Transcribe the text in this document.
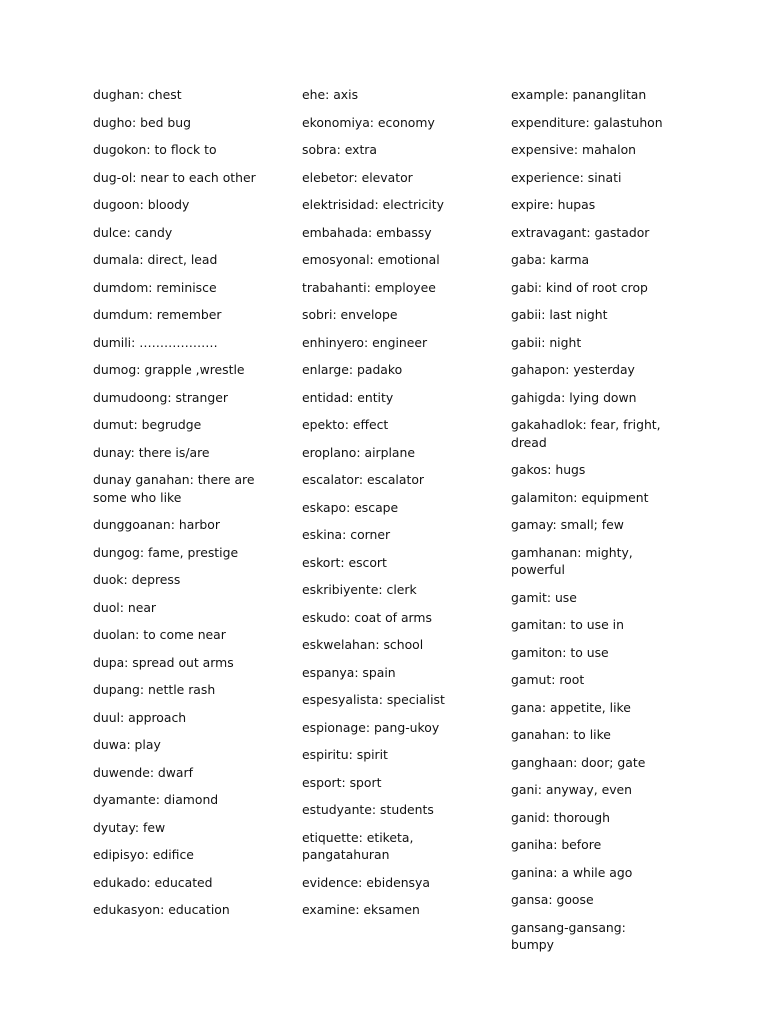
dughan: chest
dugho: bed bug
dugokon: to flock to
dug-ol: near to each other
dugoon: bloody
dulce: candy
dumala: direct, lead
dumdom: reminisce
dumdum: remember
dumili: ……………….
dumog: grapple ,wrestle
dumudoong: stranger
dumut: begrudge
dunay: there is/are
dunay ganahan: there are some who like
dunggoanan: harbor
dungog: fame, prestige
duok: depress
duol: near
duolan: to come near
dupa: spread out arms
dupang: nettle rash
duul: approach
duwa: play
duwende: dwarf
dyamante: diamond
dyutay: few
edipisyo: edifice
edukado: educated
edukasyon: education
ehe: axis
ekonomiya: economy
sobra: extra
elebetor: elevator
elektrisidad: electricity
embahada: embassy
emosyonal: emotional
trabahanti: employee
sobri: envelope
enhinyero: engineer
enlarge: padako
entidad: entity
epekto: effect
eroplano: airplane
escalator: escalator
eskapo: escape
eskina: corner
eskort: escort
eskribiyente: clerk
eskudo: coat of arms
eskwelahan: school
espanya: spain
espesyalista: specialist
espionage: pang-ukoy
espiritu: spirit
esport: sport
estudyante: students
etiquette: etiketa, pangatahuran
evidence: ebidensya
examine: eksamen
example: pananglitan
expenditure: galastuhon
expensive: mahalon
experience: sinati
expire: hupas
extravagant: gastador
gaba: karma
gabi: kind of root crop
gabii: last night
gabii: night
gahapon: yesterday
gahigda: lying down
gakahadlok: fear, fright, dread
gakos: hugs
galamiton: equipment
gamay: small; few
gamhanan: mighty, powerful
gamit: use
gamitan: to use in
gamiton: to use
gamut: root
gana: appetite, like
ganahan: to like
ganghaan: door; gate
gani: anyway, even
ganid: thorough
ganiha: before
ganina: a while ago
gansa: goose
gansang-gansang: bumpy
